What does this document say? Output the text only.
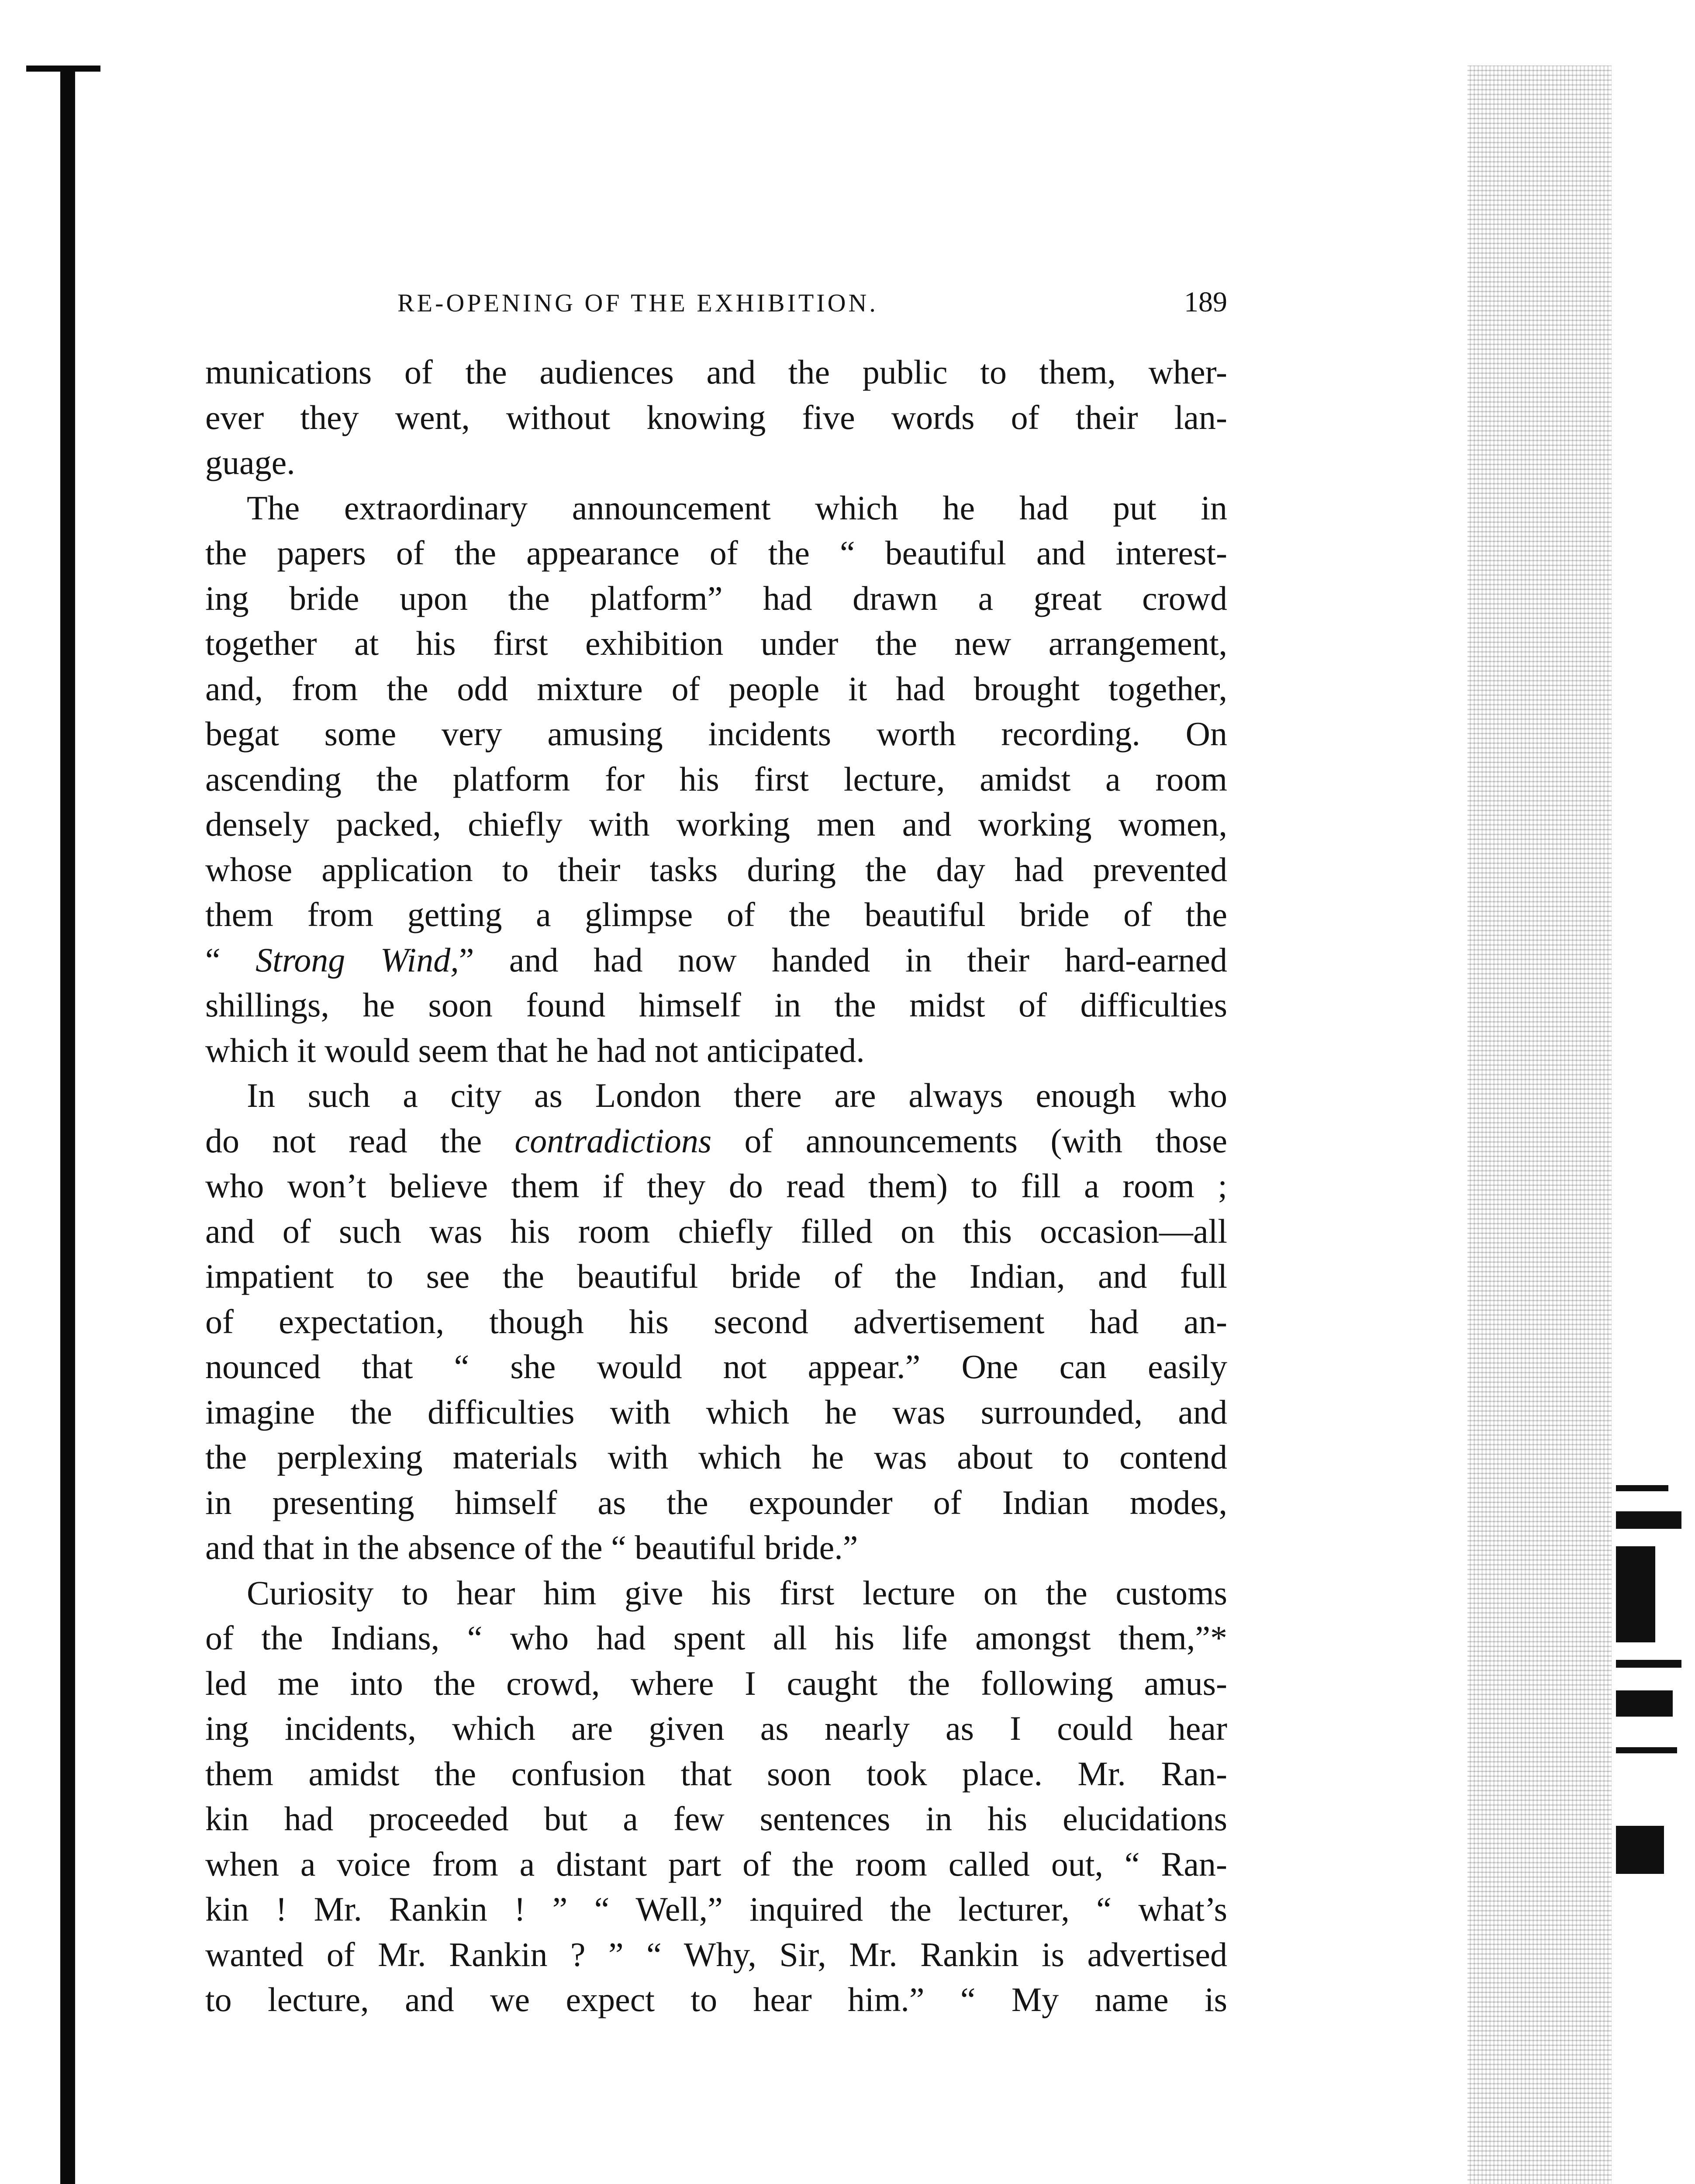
RE-OPENING OF THE EXHIBITION.	189
munications of the audiences and the public to them, wher-
ever they went, without knowing five words of their lan-
guage.
The extraordinary announcement which he had put in
the papers of the appearance of the “ beautiful and interest-
ing bride upon the platform” had drawn a great crowd
together at his first exhibition under the new arrangement,
and, from the odd mixture of people it had brought together,
begat some very amusing incidents worth recording. On
ascending the platform for his first lecture, amidst a room
densely packed, chiefly with working men and working women,
whose application to their tasks during the day had prevented
them from getting a glimpse of the beautiful bride of the
“ Strong Wind,” and had now handed in their hard-earned
shillings, he soon found himself in the midst of difficulties
which it would seem that he had not anticipated.
In such a city as London there are always enough who
do not read the contradictions of announcements (with those
who won’t believe them if they do read them) to fill a room ;
and of such was his room chiefly filled on this occasion—all
impatient to see the beautiful bride of the Indian, and full
of expectation, though his second advertisement had an-
nounced that “ she would not appear.” One can easily
imagine the difficulties with which he was surrounded, and
the perplexing materials with which he was about to contend
in presenting himself as the expounder of Indian modes,
and that in the absence of the “ beautiful bride.”
Curiosity to hear him give his first lecture on the customs
of the Indians, “ who had spent all his life amongst them,”*
led me into the crowd, where I caught the following amus-
ing incidents, which are given as nearly as I could hear
them amidst the confusion that soon took place. Mr. Ran-
kin had proceeded but a few sentences in his elucidations
when a voice from a distant part of the room called out, “ Ran-
kin ! Mr. Rankin ! ” “ Well,” inquired the lecturer, “ what’s
wanted of Mr. Rankin ? ” “ Why, Sir, Mr. Rankin is advertised
to lecture, and we expect to hear him.” “ My name is
